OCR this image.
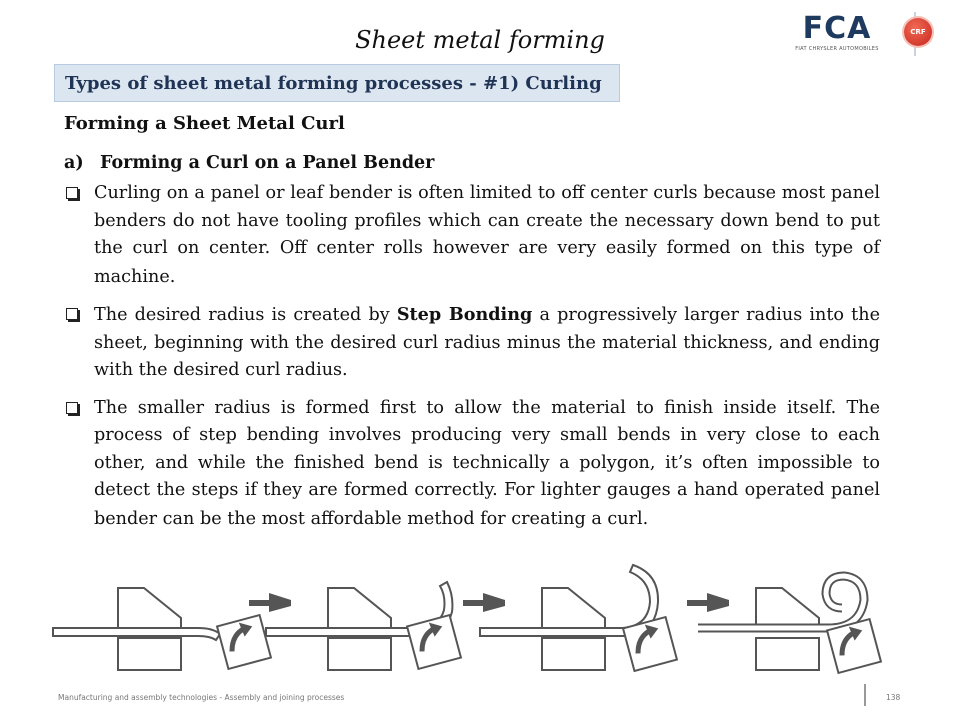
Sheet metal forming	FCA
FIAT CHRYSLER AUTOMOBILES
CRF
Types of sheet metal forming processes - #1) Curling
Forming a Sheet Metal Curl
a) Forming a Curl on a Panel Bender

Curling on a panel or leaf bender is often limited to off center curls because most panel benders do not have tooling profiles which can create the necessary down bend to put the curl on center. Off center rolls however are very easily formed on this type of machine.

The desired radius is created by Step Bonding a progressively larger radius into the sheet, beginning with the desired curl radius minus the material thickness, and ending with the desired curl radius.

The smaller radius is formed first to allow the material to finish inside itself. The process of step bending involves producing very small bends in very close to each other, and while the finished bend is technically a polygon, it’s often impossible to detect the steps if they are formed correctly. For lighter gauges a hand operated panel bender can be the most affordable method for creating a curl.

Manufacturing and assembly technologies - Assembly and joining processes	138
